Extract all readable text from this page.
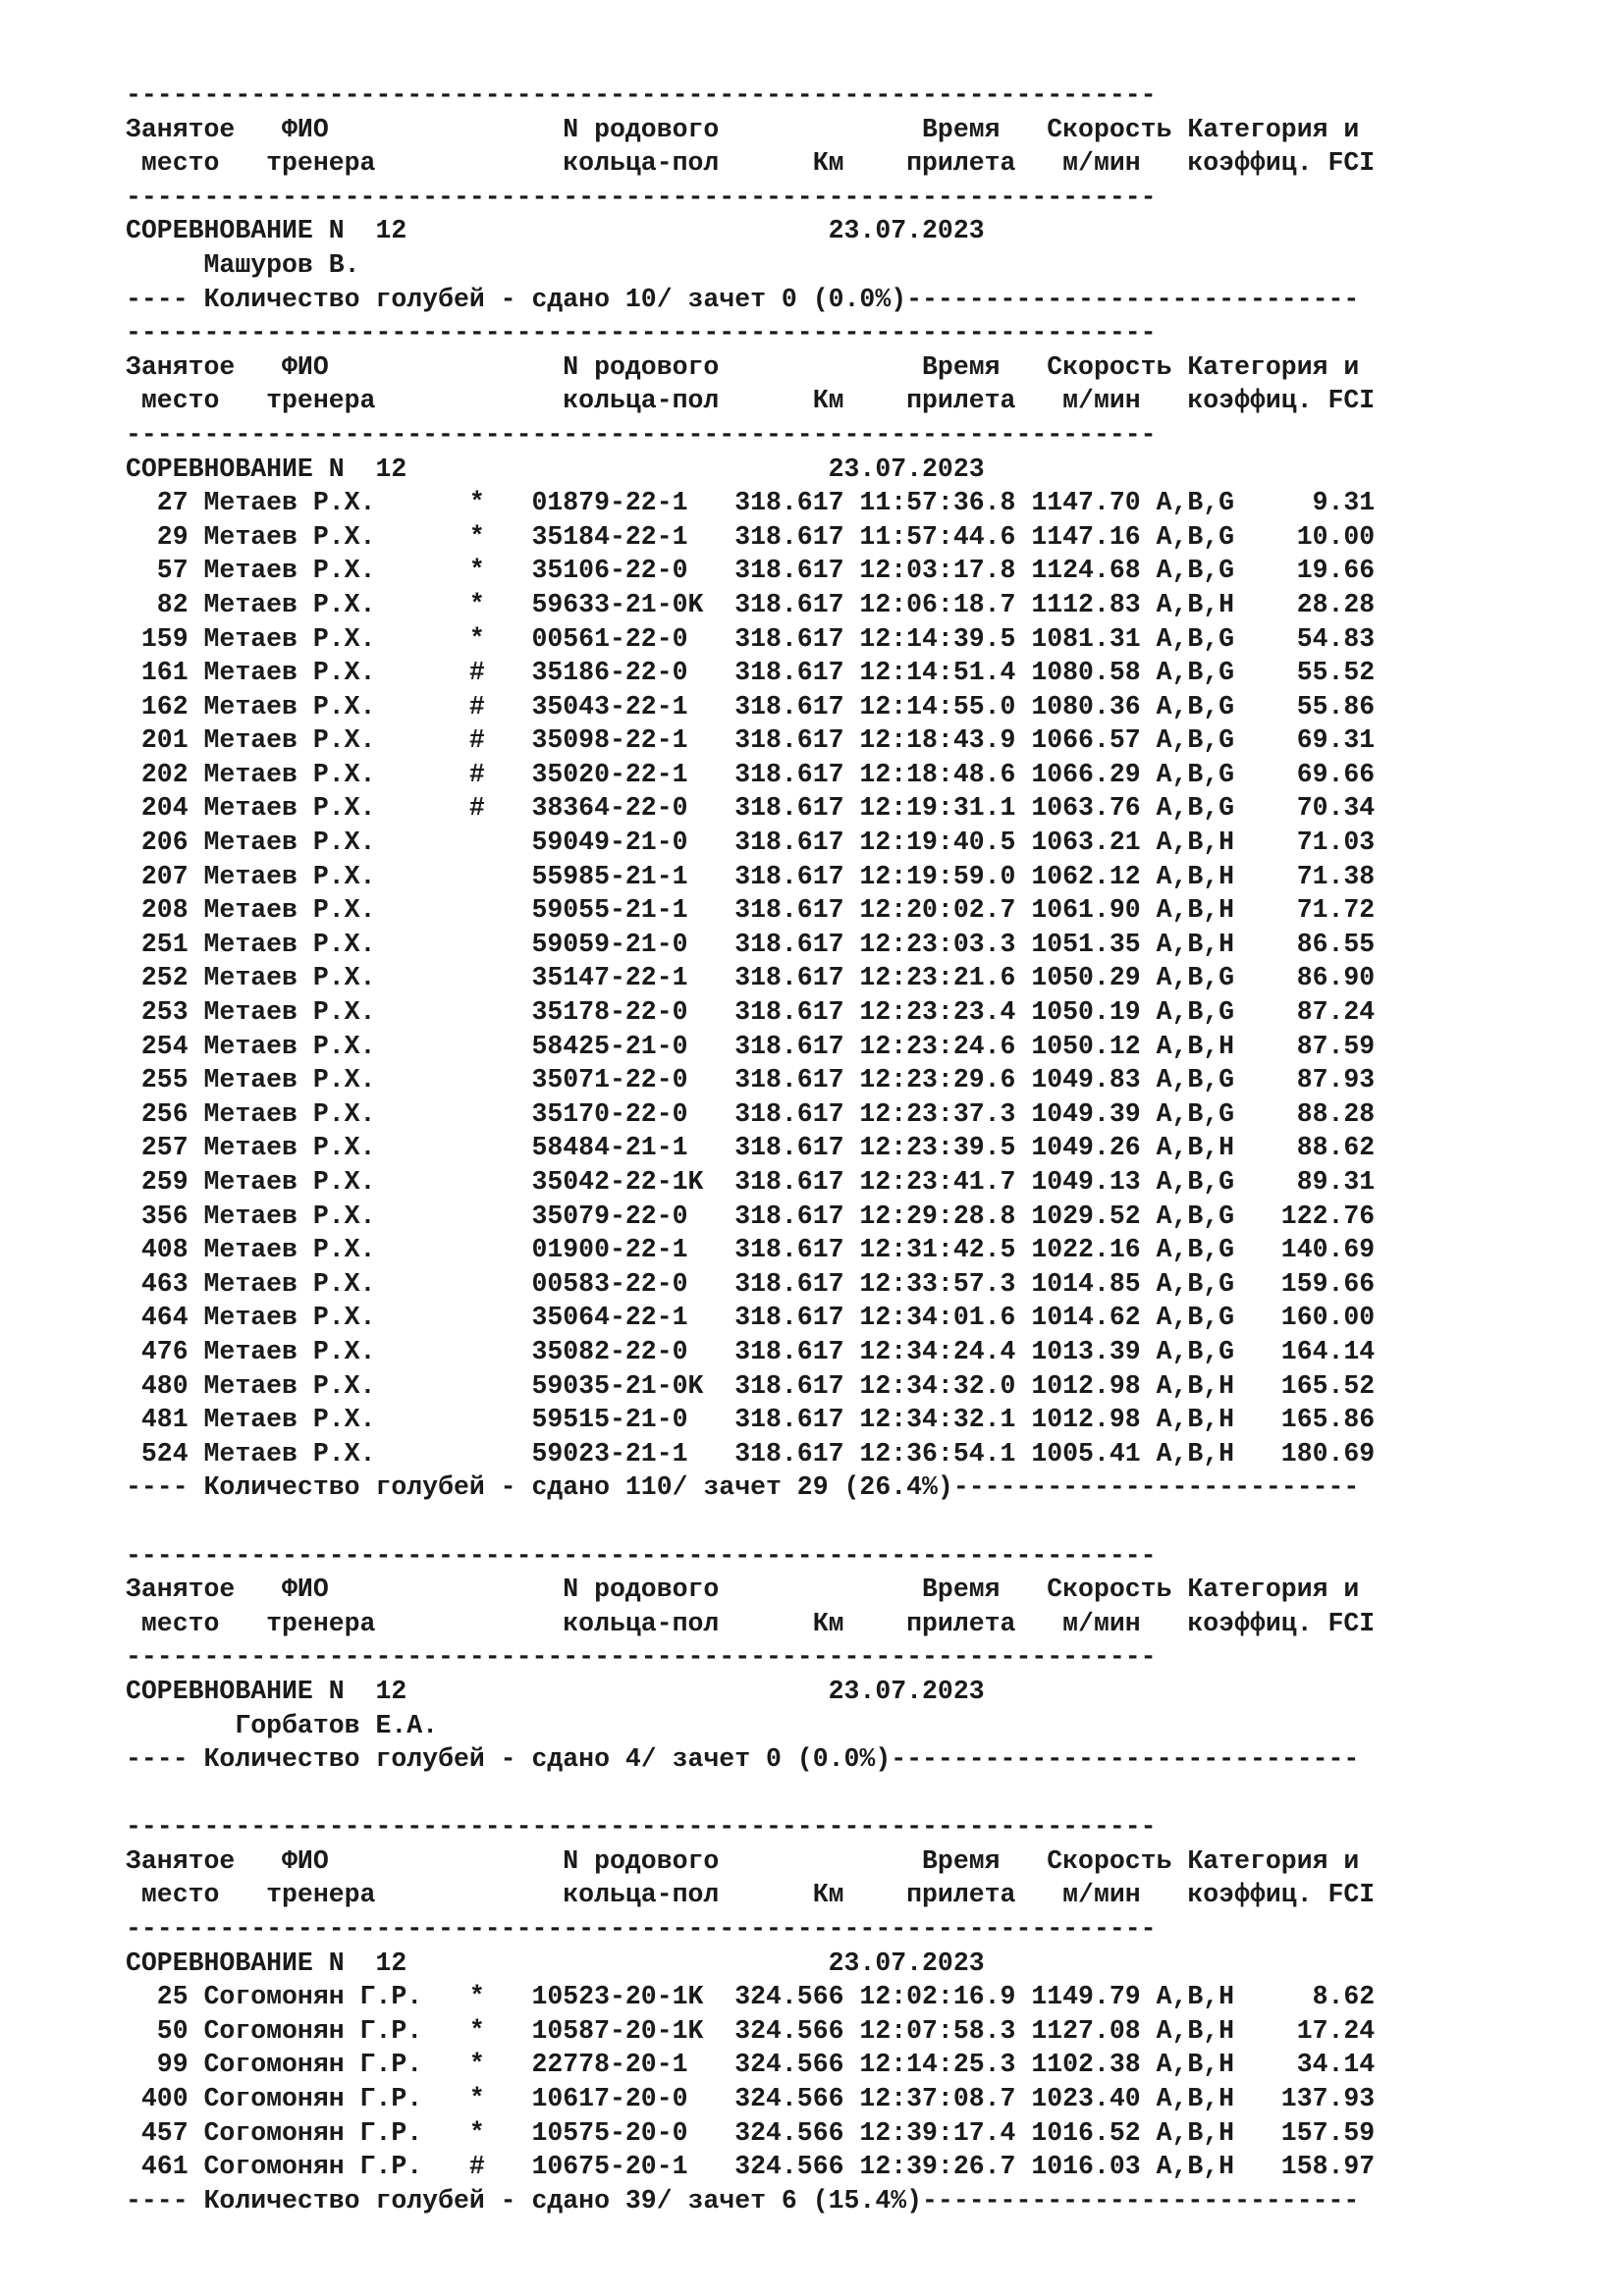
------------------------------------------------------------------
Занятое   ФИО               N родового             Время   Скорость Категория и
место   тренера            кольца-пол      Км    прилета   м/мин   коэффиц. FCI
------------------------------------------------------------------
СОРЕВНОВАНИЕ N  12                           23.07.2023
Машуров В.
---- Количество голубей - сдано 10/ зачет 0 (0.0%)-----------------------------
------------------------------------------------------------------
Занятое   ФИО               N родового             Время   Скорость Категория и
место   тренера            кольца-пол      Км    прилета   м/мин   коэффиц. FCI
------------------------------------------------------------------
СОРЕВНОВАНИЕ N  12                           23.07.2023
27 Метаев Р.Х.      *   01879-22-1   318.617 11:57:36.8 1147.70 A,B,G     9.31
29 Метаев Р.Х.      *   35184-22-1   318.617 11:57:44.6 1147.16 A,B,G    10.00
57 Метаев Р.Х.      *   35106-22-0   318.617 12:03:17.8 1124.68 A,B,G    19.66
82 Метаев Р.Х.      *   59633-21-0K  318.617 12:06:18.7 1112.83 A,B,H    28.28
159 Метаев Р.Х.      *   00561-22-0   318.617 12:14:39.5 1081.31 A,B,G    54.83
161 Метаев Р.Х.      #   35186-22-0   318.617 12:14:51.4 1080.58 A,B,G    55.52
162 Метаев Р.Х.      #   35043-22-1   318.617 12:14:55.0 1080.36 A,B,G    55.86
201 Метаев Р.Х.      #   35098-22-1   318.617 12:18:43.9 1066.57 A,B,G    69.31
202 Метаев Р.Х.      #   35020-22-1   318.617 12:18:48.6 1066.29 A,B,G    69.66
204 Метаев Р.Х.      #   38364-22-0   318.617 12:19:31.1 1063.76 A,B,G    70.34
206 Метаев Р.Х.          59049-21-0   318.617 12:19:40.5 1063.21 A,B,H    71.03
207 Метаев Р.Х.          55985-21-1   318.617 12:19:59.0 1062.12 A,B,H    71.38
208 Метаев Р.Х.          59055-21-1   318.617 12:20:02.7 1061.90 A,B,H    71.72
251 Метаев Р.Х.          59059-21-0   318.617 12:23:03.3 1051.35 A,B,H    86.55
252 Метаев Р.Х.          35147-22-1   318.617 12:23:21.6 1050.29 A,B,G    86.90
253 Метаев Р.Х.          35178-22-0   318.617 12:23:23.4 1050.19 A,B,G    87.24
254 Метаев Р.Х.          58425-21-0   318.617 12:23:24.6 1050.12 A,B,H    87.59
255 Метаев Р.Х.          35071-22-0   318.617 12:23:29.6 1049.83 A,B,G    87.93
256 Метаев Р.Х.          35170-22-0   318.617 12:23:37.3 1049.39 A,B,G    88.28
257 Метаев Р.Х.          58484-21-1   318.617 12:23:39.5 1049.26 A,B,H    88.62
259 Метаев Р.Х.          35042-22-1K  318.617 12:23:41.7 1049.13 A,B,G    89.31
356 Метаев Р.Х.          35079-22-0   318.617 12:29:28.8 1029.52 A,B,G   122.76
408 Метаев Р.Х.          01900-22-1   318.617 12:31:42.5 1022.16 A,B,G   140.69
463 Метаев Р.Х.          00583-22-0   318.617 12:33:57.3 1014.85 A,B,G   159.66
464 Метаев Р.Х.          35064-22-1   318.617 12:34:01.6 1014.62 A,B,G   160.00
476 Метаев Р.Х.          35082-22-0   318.617 12:34:24.4 1013.39 A,B,G   164.14
480 Метаев Р.Х.          59035-21-0K  318.617 12:34:32.0 1012.98 A,B,H   165.52
481 Метаев Р.Х.          59515-21-0   318.617 12:34:32.1 1012.98 A,B,H   165.86
524 Метаев Р.Х.          59023-21-1   318.617 12:36:54.1 1005.41 A,B,H   180.69
---- Количество голубей - сдано 110/ зачет 29 (26.4%)--------------------------
------------------------------------------------------------------
Занятое   ФИО               N родового             Время   Скорость Категория и
место   тренера            кольца-пол      Км    прилета   м/мин   коэффиц. FCI
------------------------------------------------------------------
СОРЕВНОВАНИЕ N  12                           23.07.2023
Горбатов Е.А.
---- Количество голубей - сдано 4/ зачет 0 (0.0%)------------------------------
------------------------------------------------------------------
Занятое   ФИО               N родового             Время   Скорость Категория и
место   тренера            кольца-пол      Км    прилета   м/мин   коэффиц. FCI
------------------------------------------------------------------
СОРЕВНОВАНИЕ N  12                           23.07.2023
25 Согомонян Г.Р.   *   10523-20-1K  324.566 12:02:16.9 1149.79 A,B,H     8.62
50 Согомонян Г.Р.   *   10587-20-1K  324.566 12:07:58.3 1127.08 A,B,H    17.24
99 Согомонян Г.Р.   *   22778-20-1   324.566 12:14:25.3 1102.38 A,B,H    34.14
400 Согомонян Г.Р.   *   10617-20-0   324.566 12:37:08.7 1023.40 A,B,H   137.93
457 Согомонян Г.Р.   *   10575-20-0   324.566 12:39:17.4 1016.52 A,B,H   157.59
461 Согомонян Г.Р.   #   10675-20-1   324.566 12:39:26.7 1016.03 A,B,H   158.97
---- Количество голубей - сдано 39/ зачет 6 (15.4%)----------------------------
